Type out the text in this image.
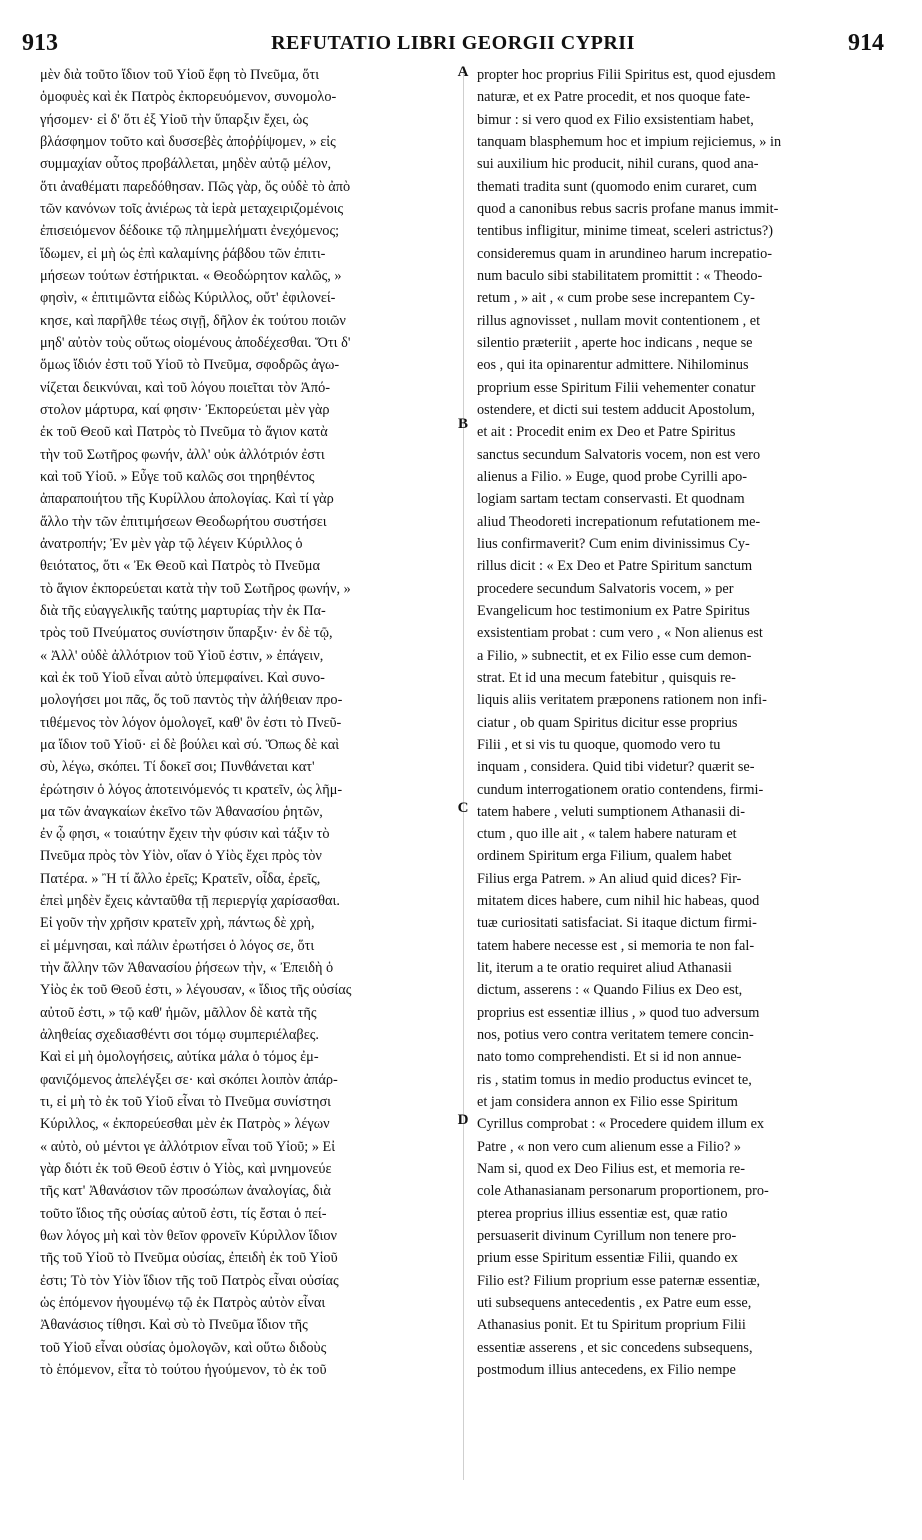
913	REFUTATIO LIBRI GEORGII CYPRII	914
μὲν διὰ τοῦτο ἴδιον τοῦ Υἱοῦ ἔφη τὸ Πνεῦμα, ὅτι
ὁμοφυὲς καὶ ἐκ Πατρὸς ἐκπορευόμενον, συνομολο-
γήσομεν· εἰ δ' ὅτι ἐξ Υἱοῦ τὴν ὕπαρξιν ἔχει, ὡς
βλάσφημον τοῦτο καὶ δυσσεβὲς ἀποῤῥίψομεν, » εἰς
συμμαχίαν οὗτος προβάλλεται, μηδὲν αὐτῷ μέλον,
ὅτι ἀναθέματι παρεδόθησαν. Πῶς γὰρ, ὅς οὐδὲ τὸ ἀπὸ
τῶν κανόνων τοῖς ἀνιέρως τὰ ἱερὰ μεταχειριζομένοις
ἐπισειόμενον δέδοικε τῷ πλημμελήματι ἐνεχόμενος;
ἴδωμεν, εἰ μὴ ὡς ἐπὶ καλαμίνης ῥάβδου τῶν ἐπιτι-
μήσεων τούτων ἐστήρικται. « Θεοδώρητον καλῶς, »
φησὶν, « ἐπιτιμῶντα εἰδὼς Κύριλλος, οὔτ' ἐφιλονεί-
κησε, καὶ παρῆλθε τέως σιγῇ, δῆλον ἐκ τούτου ποιῶν
μηδ' αὐτὸν τοὺς οὕτως οἰομένους ἀποδέχεσθαι. Ὅτι δ'
ὅμως ἴδιόν ἐστι τοῦ Υἱοῦ τὸ Πνεῦμα, σφοδρῶς ἀγω-
νίζεται δεικνύναι, καὶ τοῦ λόγου ποιεῖται τὸν Ἀπό-
στολον μάρτυρα, καί φησιν· Ἐκπορεύεται μὲν γὰρ
ἐκ τοῦ Θεοῦ καὶ Πατρὸς τὸ Πνεῦμα τὸ ἅγιον κατὰ
τὴν τοῦ Σωτῆρος φωνήν, ἀλλ' οὐκ ἀλλότριόν ἐστι
καὶ τοῦ Υἱοῦ. » Εὖγε τοῦ καλῶς σοι τηρηθέντος
ἀπαραποιήτου τῆς Κυρίλλου ἀπολογίας. Καὶ τί γὰρ
ἄλλο τὴν τῶν ἐπιτιμήσεων Θεοδωρήτου συστήσει
ἀνατροπήν; Ἐν μὲν γὰρ τῷ λέγειν Κύριλλος ὁ
θειότατος, ὅτι « Ἐκ Θεοῦ καὶ Πατρὸς τὸ Πνεῦμα
τὸ ἅγιον ἐκπορεύεται κατὰ τὴν τοῦ Σωτῆρος φωνήν, »
διὰ τῆς εὐαγγελικῆς ταύτης μαρτυρίας τὴν ἐκ Πα-
τρὸς τοῦ Πνεύματος συνίστησιν ὕπαρξιν· ἐν δὲ τῷ,
« Ἀλλ' οὐδὲ ἀλλότριον τοῦ Υἱοῦ ἐστιν, » ἐπάγειν,
καὶ ἐκ τοῦ Υἱοῦ εἶναι αὐτὸ ὑπεμφαίνει. Καὶ συνο-
μολογήσει μοι πᾶς, ὅς τοῦ παντὸς τὴν ἀλήθειαν προ-
τιθέμενος τὸν λόγον ὁμολογεῖ, καθ' ὃν ἐστι τὸ Πνεῦ-
μα ἴδιον τοῦ Υἱοῦ· εἰ δὲ βούλει καὶ σύ. Ὅπως δὲ καὶ
σὺ, λέγω, σκόπει. Τί δοκεῖ σοι; Πυνθάνεται κατ'
ἐρώτησιν ὁ λόγος ἀποτεινόμενός τι κρατεῖν, ὡς λῆμ-
μα τῶν ἀναγκαίων ἐκεῖνο τῶν Ἀθανασίου ῥητῶν,
ἐν ᾧ φησι, « τοιαύτην ἔχειν τὴν φύσιν καὶ τάξιν τὸ
Πνεῦμα πρὸς τὸν Υἱὸν, οἵαν ὁ Υἱὸς ἔχει πρὸς τὸν
Πατέρα. » Ἢ τί ἄλλο ἐρεῖς; Κρατεῖν, οἶδα, ἐρεῖς,
ἐπεὶ μηδὲν ἔχεις κἀνταῦθα τῇ περιεργίᾳ χαρίσασθαι.
Εἰ γοῦν τὴν χρῆσιν κρατεῖν χρὴ, πάντως δὲ χρὴ,
εἰ μέμνησαι, καὶ πάλιν ἐρωτήσει ὁ λόγος σε, ὅτι
τὴν ἄλλην τῶν Ἀθανασίου ῥήσεων τὴν, « Ἐπειδὴ ὁ
Υἱὸς ἐκ τοῦ Θεοῦ ἐστι, » λέγουσαν, « ἴδιος τῆς οὐσίας
αὐτοῦ ἐστι, » τῷ καθ' ἡμῶν, μᾶλλον δὲ κατὰ τῆς
ἀληθείας σχεδιασθέντι σοι τόμῳ συμπεριέλαβες.
Καὶ εἰ μὴ ὁμολογήσεις, αὐτίκα μάλα ὁ τόμος ἐμ-
φανιζόμενος ἀπελέγξει σε· καὶ σκόπει λοιπὸν ἀπάρ-
τι, εἰ μὴ τὸ ἐκ τοῦ Υἱοῦ εἶναι τὸ Πνεῦμα συνίστησι
Κύριλλος, « ἐκπορεύεσθαι μὲν ἐκ Πατρὸς » λέγων
« αὐτὸ, οὐ μέντοι γε ἀλλότριον εἶναι τοῦ Υἱοῦ; » Εἰ
γὰρ διότι ἐκ τοῦ Θεοῦ ἐστιν ὁ Υἱὸς, καὶ μνημονεύε
τῆς κατ' Ἀθανάσιον τῶν προσώπων ἀναλογίας, διὰ
τοῦτο ἴδιος τῆς οὐσίας αὐτοῦ ἐστι, τίς ἔσται ὁ πεί-
θων λόγος μὴ καὶ τὸν θεῖον φρονεῖν Κύριλλον ἴδιον
τῆς τοῦ Υἱοῦ τὸ Πνεῦμα οὐσίας, ἐπειδὴ ἐκ τοῦ Υἱοῦ
ἐστι; Τὸ τὸν Υἱὸν ἴδιον τῆς τοῦ Πατρὸς εἶναι οὐσίας
ὡς ἑπόμενον ἡγουμένῳ τῷ ἐκ Πατρὸς αὐτὸν εἶναι
Ἀθανάσιος τίθησι. Καὶ σὺ τὸ Πνεῦμα ἴδιον τῆς
τοῦ Υἱοῦ εἶναι οὐσίας ὁμολογῶν, καὶ οὕτω διδοὺς
τὸ ἑπόμενον, εἶτα τὸ τούτου ἡγούμενον, τὸ ἐκ τοῦ
propter hoc proprius Filii Spiritus est, quod ejusdem
naturæ, et ex Patre procedit, et nos quoque fate-
bimur : si vero quod ex Filio exsistentiam habet,
tanquam blasphemum hoc et impium rejiciemus, » in
sui auxilium hic producit, nihil curans, quod ana-
themati tradita sunt (quomodo enim curaret, cum
quod a canonibus rebus sacris profane manus immit-
tentibus infligitur, minime timeat, sceleri astrictus?)
consideremus quam in arundineo harum increpatio-
num baculo sibi stabilitatem promittit : « Theodo-
retum , » ait , « cum probe sese increpantem Cy-
rillus agnovisset , nullam movit contentionem , et
silentio præteriit , aperte hoc indicans , neque se
eos , qui ita opinarentur admittere. Nihilominus
proprium esse Spiritum Filii vehementer conatur
ostendere, et dicti sui testem adducit Apostolum,
et ait : Procedit enim ex Deo et Patre Spiritus
sanctus secundum Salvatoris vocem, non est vero
alienus a Filio. » Euge, quod probe Cyrilli apo-
logiam sartam tectam conservasti. Et quodnam
aliud Theodoreti increpationum refutationem me-
lius confirmaverit? Cum enim divinissimus Cy-
rillus dicit : « Ex Deo et Patre Spiritum sanctum
procedere secundum Salvatoris vocem, » per
Evangelicum hoc testimonium ex Patre Spiritus
exsistentiam probat : cum vero , « Non alienus est
a Filio, » subnectit, et ex Filio esse cum demon-
strat. Et id una mecum fatebitur , quisquis re-
liquis aliis veritatem præponens rationem non infi-
ciatur , ob quam Spiritus dicitur esse proprius
Filii , et si vis tu quoque, quomodo vero tu
inquam , considera. Quid tibi videtur? quærit se-
cundum interrogationem oratio contendens, firmi-
tatem habere , veluti sumptionem Athanasii di-
ctum , quo ille ait , « talem habere naturam et
ordinem Spiritum erga Filium, qualem habet
Filius erga Patrem. » An aliud quid dices? Fir-
mitatem dices habere, cum nihil hic habeas, quod
tuæ curiositati satisfaciat. Si itaque dictum firmi-
tatem habere necesse est , si memoria te non fal-
lit, iterum a te oratio requiret aliud Athanasii
dictum, asserens : « Quando Filius ex Deo est,
proprius est essentiæ illius , » quod tuo adversum
nos, potius vero contra veritatem temere concin-
nato tomo comprehendisti. Et si id non annue-
ris , statim tomus in medio productus evincet te,
et jam considera annon ex Filio esse Spiritum
Cyrillus comprobat : « Procedere quidem illum ex
Patre , « non vero cum alienum esse a Filio? »
Nam si, quod ex Deo Filius est, et memoria re-
cole Athanasianam personarum proportionem, pro-
pterea proprius illius essentiæ est, quæ ratio
persuaserit divinum Cyrillum non tenere pro-
prium esse Spiritum essentiæ Filii, quando ex
Filio est? Filium proprium esse paternæ essentiæ,
uti subsequens antecedentis , ex Patre eum esse,
Athanasius ponit. Et tu Spiritum proprium Filii
essentiæ asserens , et sic concedens subsequens,
postmodum illius antecedens, ex Filio nempe
A
B
C
D
